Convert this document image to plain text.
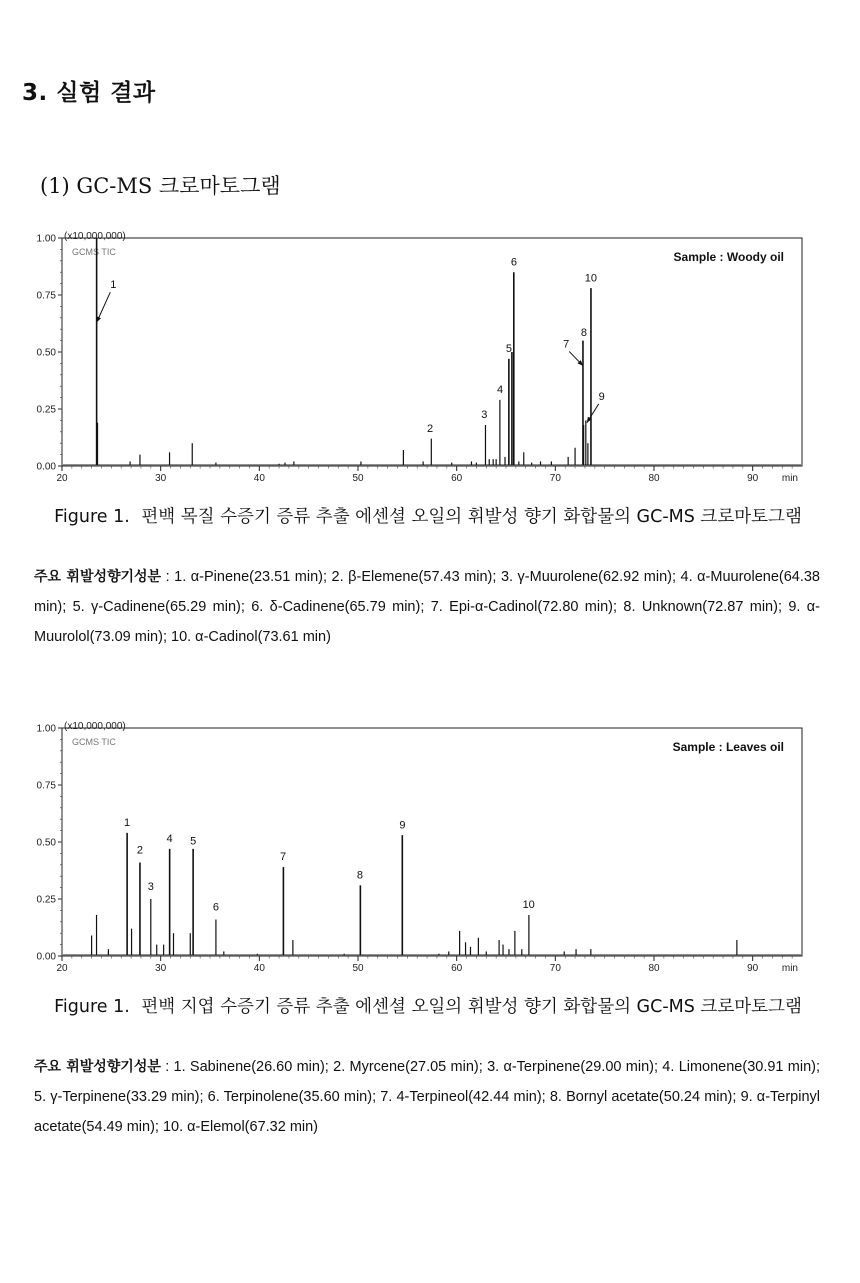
3. 실험 결과
(1) GC-MS 크로마토그램
0.00
0.25
0.50
0.75
1.00
20	30	40	50	60	70	80	90 min
(x10,000,000)
GCMS TIC	Sample : Woody oil
1
2
3
4
5
6
7
8
9
10
Figure 1. 편백 목질 수증기 증류 추출 에센셜 오일의 휘발성 향기 화합물의 GC-MS 크로마토그램
주요 휘발성향기성분 : 1. α-Pinene(23.51 min); 2. β-Elemene(57.43 min); 3. γ-Muurolene(62.92 min); 4. α-Muurolene(64.38 min); 5. γ-Cadinene(65.29 min); 6. δ-Cadinene(65.79 min); 7. Epi-α-Cadinol(72.80 min); 8. Unknown(72.87 min); 9. α-Muurolol(73.09 min); 10. α-Cadinol(73.61 min)
0.00
0.25
0.50
0.75
1.00
20	30	40	50	60	70	80	90 min
(x10,000,000)
GCMS TIC	Sample : Leaves oil
1
2
3
4 5
6
7
8
9
10
Figure 1. 편백 지엽 수증기 증류 추출 에센셜 오일의 휘발성 향기 화합물의 GC-MS 크로마토그램
주요 휘발성향기성분 : 1. Sabinene(26.60 min); 2. Myrcene(27.05 min); 3. α-Terpinene(29.00 min); 4. Limonene(30.91 min); 5. γ-Terpinene(33.29 min); 6. Terpinolene(35.60 min); 7. 4-Terpineol(42.44 min); 8. Bornyl acetate(50.24 min); 9. α-Terpinyl acetate(54.49 min); 10. α-Elemol(67.32 min)
